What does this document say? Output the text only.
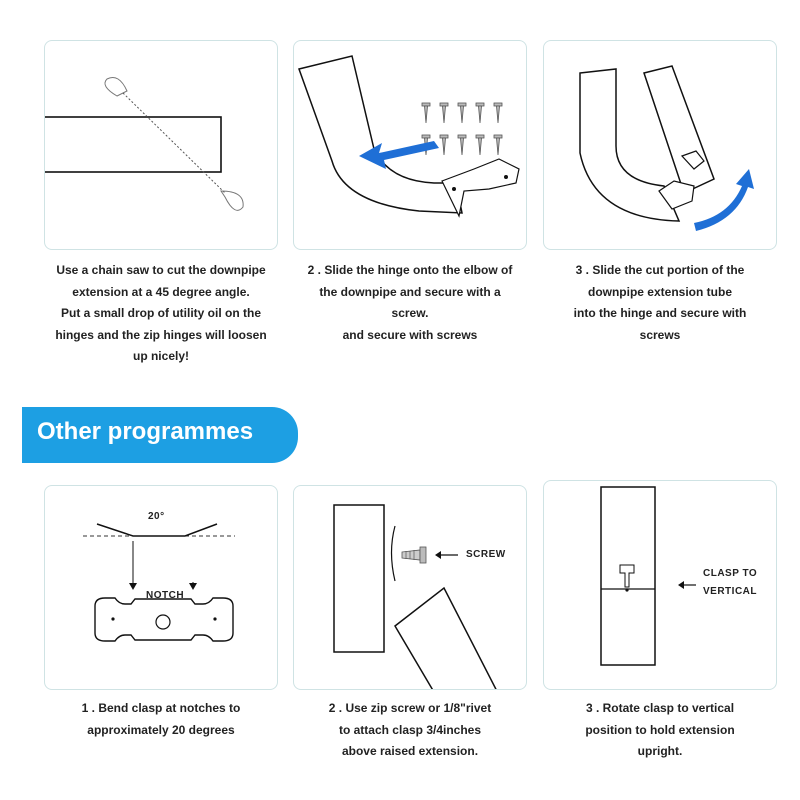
Use a chain saw to cut the downpipe
extension at a 45 degree angle.
Put a small drop of utility oil on the
hinges and the zip hinges will loosen
up nicely!
2 . Slide the hinge onto the elbow of
the downpipe and secure with a
screw.
and secure with screws
3 . Slide the cut portion of the
downpipe extension tube
into the hinge and secure with
screws
Other programmes
20°
NOTCH
SCREW
CLASP TO
VERTICAL
1 . Bend clasp at notches to
approximately 20 degrees
2 . Use zip screw or 1/8"rivet
to attach clasp 3/4inches
above raised extension.
3 . Rotate clasp to vertical
position to hold extension
upright.
